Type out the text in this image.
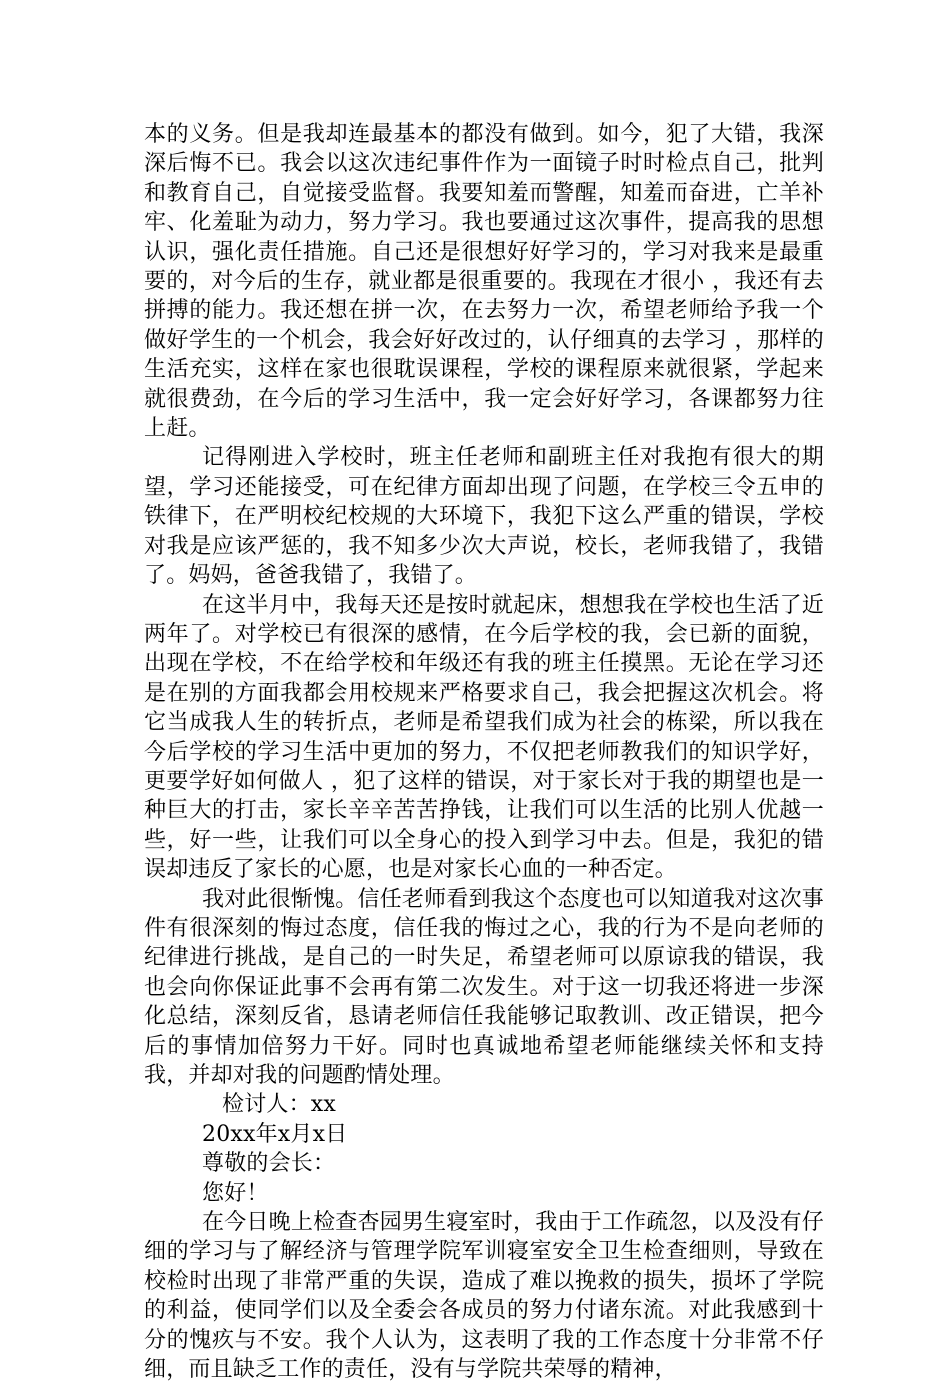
本的义务。但是我却连最基本的都没有做到。如今，犯了大错，我深深后悔不已。我会以这次违纪事件作为一面镜子时时检点自己，批判和教育自己，自觉接受监督。我要知羞而警醒，知羞而奋进，亡羊补牢、化羞耻为动力，努力学习。我也要通过这次事件，提高我的思想认识，强化责任措施。自己还是很想好好学习的，学习对我来是最重要的，对今后的生存，就业都是很重要的。我现在才很小 ，我还有去拼搏的能力。我还想在拼一次，在去努力一次，希望老师给予我一个做好学生的一个机会，我会好好改过的，认仔细真的去学习 ，那样的生活充实，这样在家也很耽误课程，学校的课程原来就很紧，学起来就很费劲，在今后的学习生活中，我一定会好好学习，各课都努力往上赶。

记得刚进入学校时，班主任老师和副班主任对我抱有很大的期望，学习还能接受，可在纪律方面却出现了问题，在学校三令五申的铁律下，在严明校纪校规的大环境下，我犯下这么严重的错误，学校对我是应该严惩的，我不知多少次大声说，校长，老师我错了，我错了。妈妈，爸爸我错了，我错了。

在这半月中，我每天还是按时就起床，想想我在学校也生活了近两年了。对学校已有很深的感情，在今后学校的我，会已新的面貌，出现在学校，不在给学校和年级还有我的班主任摸黑。无论在学习还是在别的方面我都会用校规来严格要求自己，我会把握这次机会。将它当成我人生的转折点，老师是希望我们成为社会的栋梁，所以我在今后学校的学习生活中更加的努力，不仅把老师教我们的知识学好，更要学好如何做人 ，犯了这样的错误，对于家长对于我的期望也是一种巨大的打击，家长辛辛苦苦挣钱，让我们可以生活的比别人优越一些，好一些，让我们可以全身心的投入到学习中去。但是，我犯的错误却违反了家长的心愿，也是对家长心血的一种否定。

我对此很惭愧。信任老师看到我这个态度也可以知道我对这次事件有很深刻的悔过态度，信任我的悔过之心，我的行为不是向老师的纪律进行挑战，是自己的一时失足，希望老师可以原谅我的错误，我也会向你保证此事不会再有第二次发生。对于这一切我还将进一步深化总结，深刻反省，恳请老师信任我能够记取教训、改正错误，把今后的事情加倍努力干好。同时也真诚地希望老师能继续关怀和支持我，并却对我的问题酌情处理。

检讨人：xx

20xx年x月x日

尊敬的会长：

您好！

在今日晚上检查杏园男生寝室时，我由于工作疏忽，以及没有仔细的学习与了解经济与管理学院军训寝室安全卫生检查细则，导致在校检时出现了非常严重的失误，造成了难以挽救的损失，损坏了学院的利益，使同学们以及全委会各成员的努力付诸东流。对此我感到十分的愧疚与不安。我个人认为，这表明了我的工作态度十分非常不仔细，而且缺乏工作的责任，没有与学院共荣辱的精神，
